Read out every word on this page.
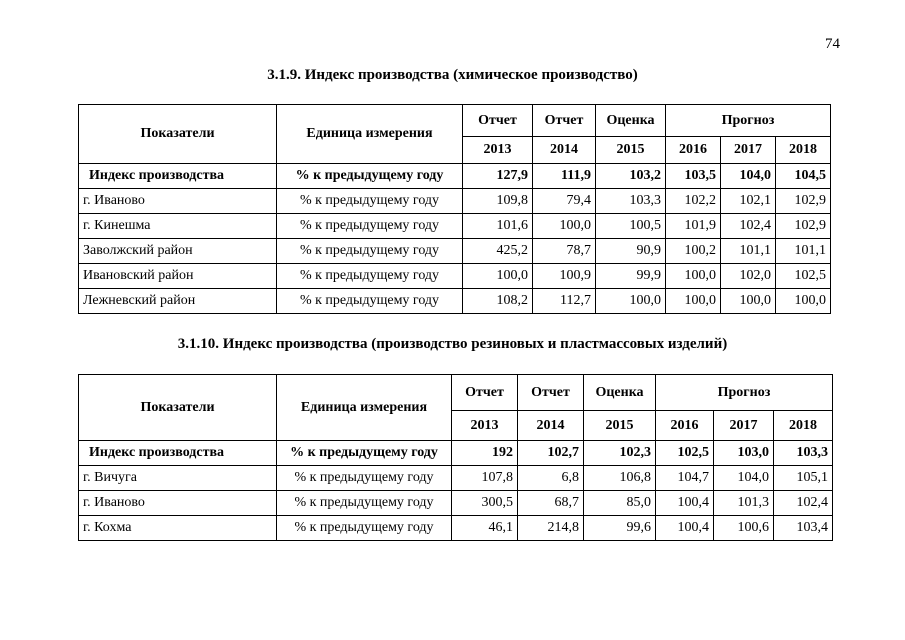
74
3.1.9. Индекс производства (химическое производство)
Показатели	Единица измерения	Отчет	Отчет	Оценка	Прогноз		
		2013	2014	2015	2016	2017	2018
Индекс производства	% к предыдущему году	127,9	111,9	103,2	103,5	104,0	104,5
г. Иваново	% к предыдущему году	109,8	79,4	103,3	102,2	102,1	102,9
г. Кинешма	% к предыдущему году	101,6	100,0	100,5	101,9	102,4	102,9
Заволжский район	% к предыдущему году	425,2	78,7	90,9	100,2	101,1	101,1
Ивановский район	% к предыдущему году	100,0	100,9	99,9	100,0	102,0	102,5
Лежневский район	% к предыдущему году	108,2	112,7	100,0	100,0	100,0	100,0
3.1.10. Индекс производства (производство резиновых и пластмассовых изделий)
Показатели	Единица измерения	Отчет	Отчет	Оценка	Прогноз		
		2013	2014	2015	2016	2017	2018
Индекс производства	% к предыдущему году	192	102,7	102,3	102,5	103,0	103,3
г. Вичуга	% к предыдущему году	107,8	6,8	106,8	104,7	104,0	105,1
г. Иваново	% к предыдущему году	300,5	68,7	85,0	100,4	101,3	102,4
г. Кохма	% к предыдущему году	46,1	214,8	99,6	100,4	100,6	103,4
